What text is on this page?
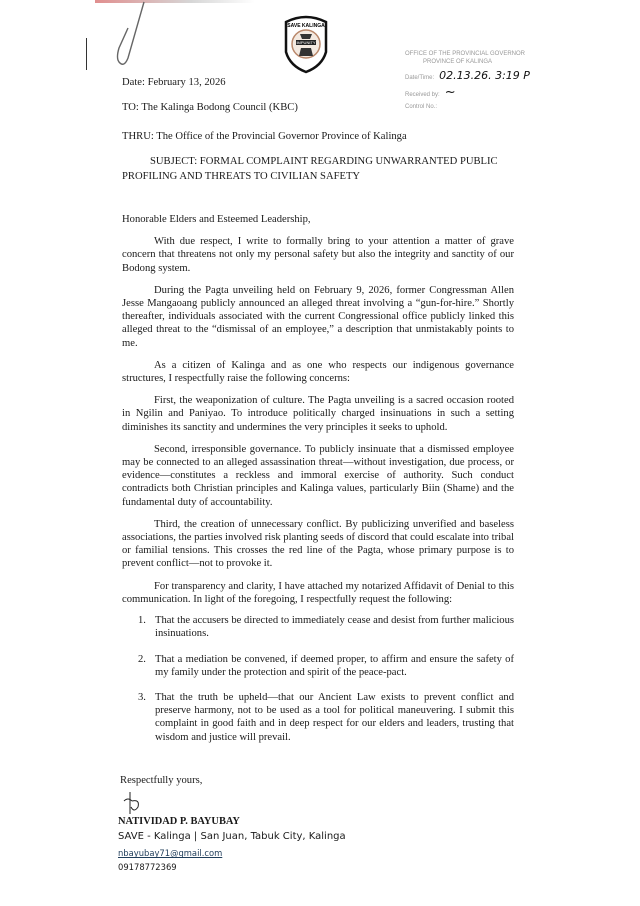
SAVE KALINGA
IMPUNITY
OFFICE OF THE PROVINCIAL GOVERNOR
PROVINCE OF KALINGA
Date/Time: 02.13.26. 3:19 P
Received by: ~
Control No.:

Date: February 13, 2026

TO: The Kalinga Bodong Council (KBC)

THRU: The Office of the Provincial Governor Province of Kalinga

SUBJECT: FORMAL COMPLAINT REGARDING UNWARRANTED PUBLIC

PROFILING AND THREATS TO CIVILIAN SAFETY

Honorable Elders and Esteemed Leadership,

With due respect, I write to formally bring to your attention a matter of grave concern that threatens not only my personal safety but also the integrity and sanctity of our Bodong system.

During the Pagta unveiling held on February 9, 2026, former Congressman Allen Jesse Mangaoang publicly announced an alleged threat involving a “gun-for-hire.” Shortly thereafter, individuals associated with the current Congressional office publicly linked this alleged threat to the “dismissal of an employee,” a description that unmistakably points to me.

As a citizen of Kalinga and as one who respects our indigenous governance structures, I respectfully raise the following concerns:

First, the weaponization of culture. The Pagta unveiling is a sacred occasion rooted in Ngilin and Paniyao. To introduce politically charged insinuations in such a setting diminishes its sanctity and undermines the very principles it seeks to uphold.

Second, irresponsible governance. To publicly insinuate that a dismissed employee may be connected to an alleged assassination threat—without investigation, due process, or evidence—constitutes a reckless and immoral exercise of authority. Such conduct contradicts both Christian principles and Kalinga values, particularly Biin (Shame) and the fundamental duty of accountability.

Third, the creation of unnecessary conflict. By publicizing unverified and baseless associations, the parties involved risk planting seeds of discord that could escalate into tribal or familial tensions. This crosses the red line of the Pagta, whose primary purpose is to prevent conflict—not to provoke it.

For transparency and clarity, I have attached my notarized Affidavit of Denial to this communication. In light of the foregoing, I respectfully request the following:

1. That the accusers be directed to immediately cease and desist from further malicious insinuations.
2. That a mediation be convened, if deemed proper, to affirm and ensure the safety of my family under the protection and spirit of the peace-pact.
3. That the truth be upheld—that our Ancient Law exists to prevent conflict and preserve harmony, not to be used as a tool for political maneuvering. I submit this complaint in good faith and in deep respect for our elders and leaders, trusting that wisdom and justice will prevail.

Respectfully yours,

NATIVIDAD P. BAYUBAY

SAVE - Kalinga | San Juan, Tabuk City, Kalinga

nbayubay71@gmail.com

09178772369
